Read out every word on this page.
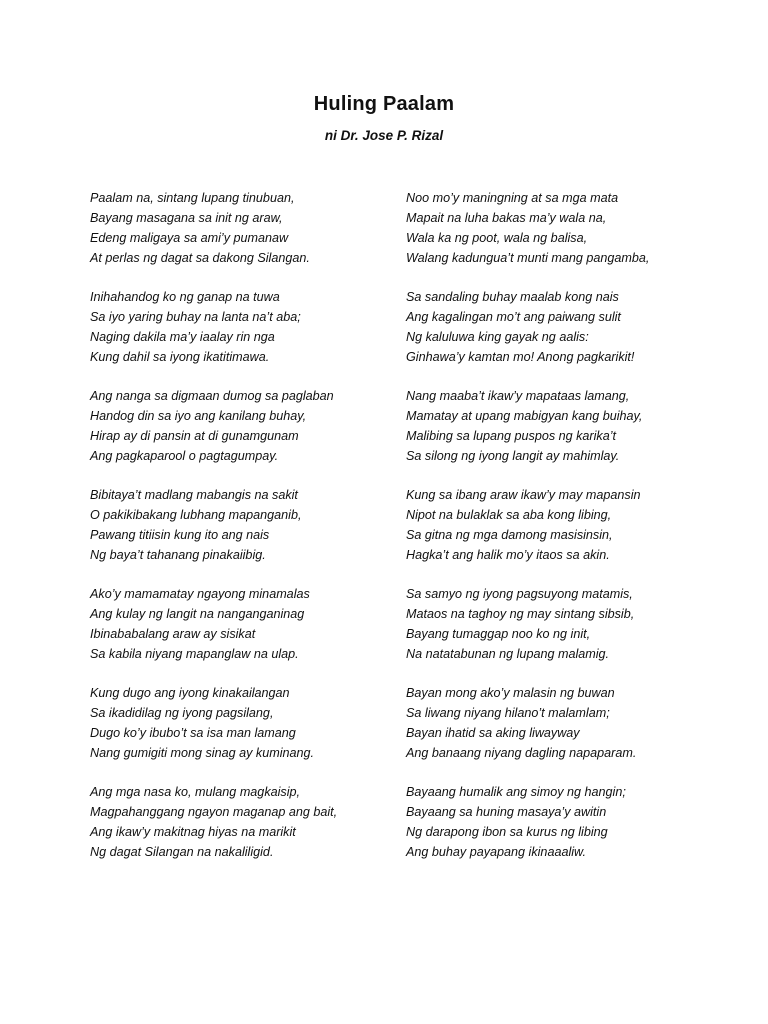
Huling Paalam
ni Dr. Jose P. Rizal
Paalam na, sintang lupang tinubuan,
Bayang masagana sa init ng araw,
Edeng maligaya sa ami’y pumanaw
At perlas ng dagat sa dakong Silangan.
Inihahandog ko ng ganap na tuwa
Sa iyo yaring buhay na lanta na’t aba;
Naging dakila ma’y iaalay rin nga
Kung dahil sa iyong ikatitimawa.
Ang nanga sa digmaan dumog sa paglaban
Handog din sa iyo ang kanilang buhay,
Hirap ay di pansin at di gunamgunam
Ang pagkaparool o pagtagumpay.
Bibitaya’t madlang mabangis na sakit
O pakikibakang lubhang mapanganib,
Pawang titiisin kung ito ang nais
Ng baya’t tahanang pinakaiibig.
Ako’y mamamatay ngayong minamalas
Ang kulay ng langit na nanganganinag
Ibinababalang araw ay sisikat
Sa kabila niyang mapanglaw na ulap.
Kung dugo ang iyong kinakailangan
Sa ikadidilag ng iyong pagsilang,
Dugo ko’y ibubo’t sa isa man lamang
Nang gumigiti mong sinag ay kuminang.
Ang mga nasa ko, mulang magkaisip,
Magpahanggang ngayon maganap ang bait,
Ang ikaw’y makitnag hiyas na marikit
Ng dagat Silangan na nakaliligid.
Noo mo’y maningning at sa mga mata
Mapait na luha bakas ma’y wala na,
Wala ka ng poot, wala ng balisa,
Walang kadungua’t munti mang pangamba,
Sa sandaling buhay maalab kong nais
Ang kagalingan mo’t ang paiwang sulit
Ng kaluluwa king gayak ng aalis:
Ginhawa’y kamtan mo! Anong pagkarikit!
Nang maaba’t ikaw’y mapataas lamang,
Mamatay at upang mabigyan kang buihay,
Malibing sa lupang puspos ng karika’t
Sa silong ng iyong langit ay mahimlay.
Kung sa ibang araw ikaw’y may mapansin
Nipot na bulaklak sa aba kong libing,
Sa gitna ng mga damong masisinsin,
Hagka’t ang halik mo’y itaos sa akin.
Sa samyo ng iyong pagsuyong matamis,
Mataos na taghoy ng may sintang sibsib,
Bayang tumaggap noo ko ng init,
Na natatabunan ng lupang malamig.
Bayan mong ako’y malasin ng buwan
Sa liwang niyang hilano’t malamlam;
Bayan ihatid sa aking liwayway
Ang banaang niyang dagling napaparam.
Bayaang humalik ang simoy ng hangin;
Bayaang sa huning masaya’y awitin
Ng darapong ibon sa kurus ng libing
Ang buhay payapang ikinaaaliw.
